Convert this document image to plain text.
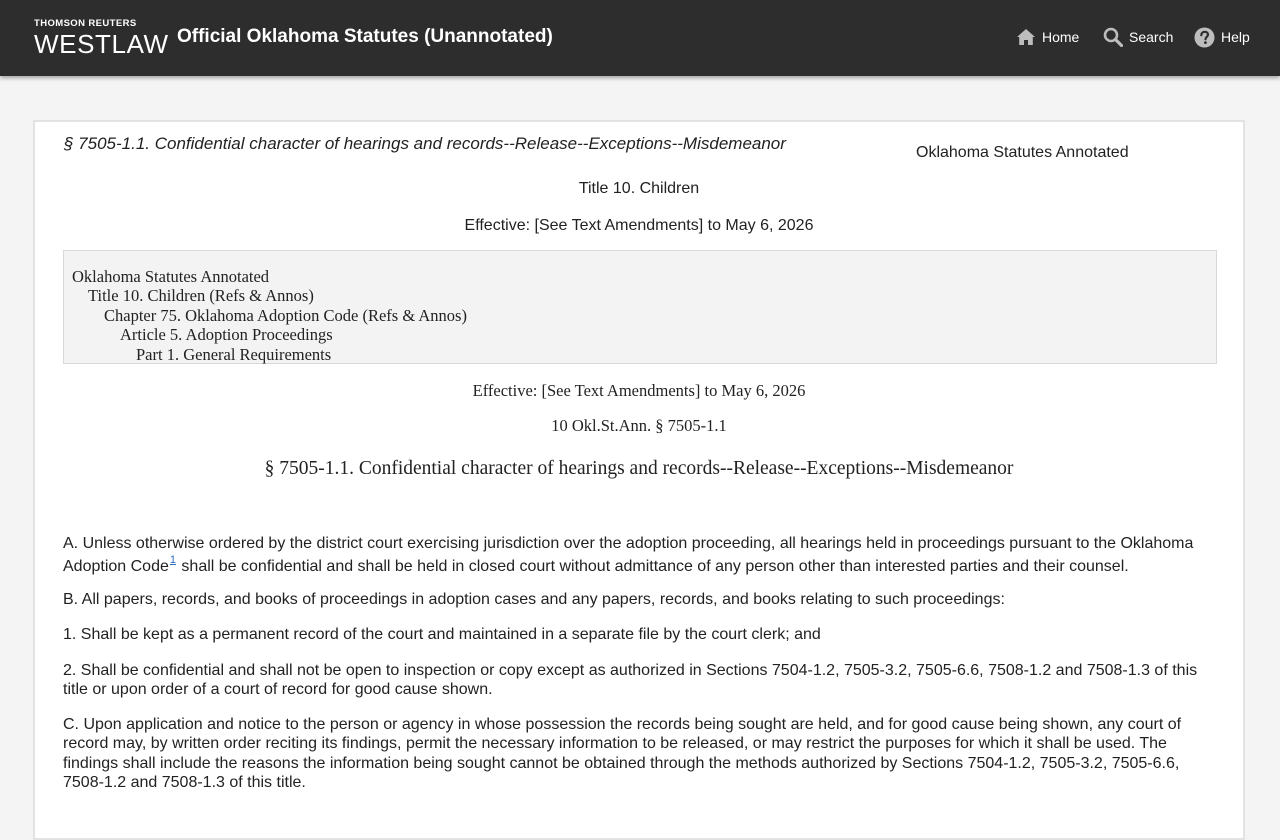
THOMSON REUTERS
WESTLAW Official Oklahoma Statutes (Unannotated)	Home	Search	Help
§ 7505-1.1. Confidential character of hearings and records--Release--Exceptions--Misdemeanor	Oklahoma Statutes Annotated
Title 10. Children
Effective: [See Text Amendments] to May 6, 2026
Oklahoma Statutes Annotated
Title 10. Children (Refs & Annos)
Chapter 75. Oklahoma Adoption Code (Refs & Annos)
Article 5. Adoption Proceedings
Part 1. General Requirements
Effective: [See Text Amendments] to May 6, 2026
10 Okl.St.Ann. § 7505-1.1
§ 7505-1.1. Confidential character of hearings and records--Release--Exceptions--Misdemeanor

A. Unless otherwise ordered by the district court exercising jurisdiction over the adoption proceeding, all hearings held in proceedings pursuant to the Oklahoma Adoption Code$^1$ shall be confidential and shall be held in closed court without admittance of any person other than interested parties and their counsel.

B. All papers, records, and books of proceedings in adoption cases and any papers, records, and books relating to such proceedings:

1. Shall be kept as a permanent record of the court and maintained in a separate file by the court clerk; and

2. Shall be confidential and shall not be open to inspection or copy except as authorized in Sections 7504-1.2, 7505-3.2, 7505-6.6, 7508-1.2 and 7508-1.3 of this title or upon order of a court of record for good cause shown.

C. Upon application and notice to the person or agency in whose possession the records being sought are held, and for good cause being shown, any court of record may, by written order reciting its findings, permit the necessary information to be released, or may restrict the purposes for which it shall be used. The findings shall include the reasons the information being sought cannot be obtained through the methods authorized by Sections 7504-1.2, 7505-3.2, 7505-6.6, 7508-1.2 and 7508-1.3 of this title.
